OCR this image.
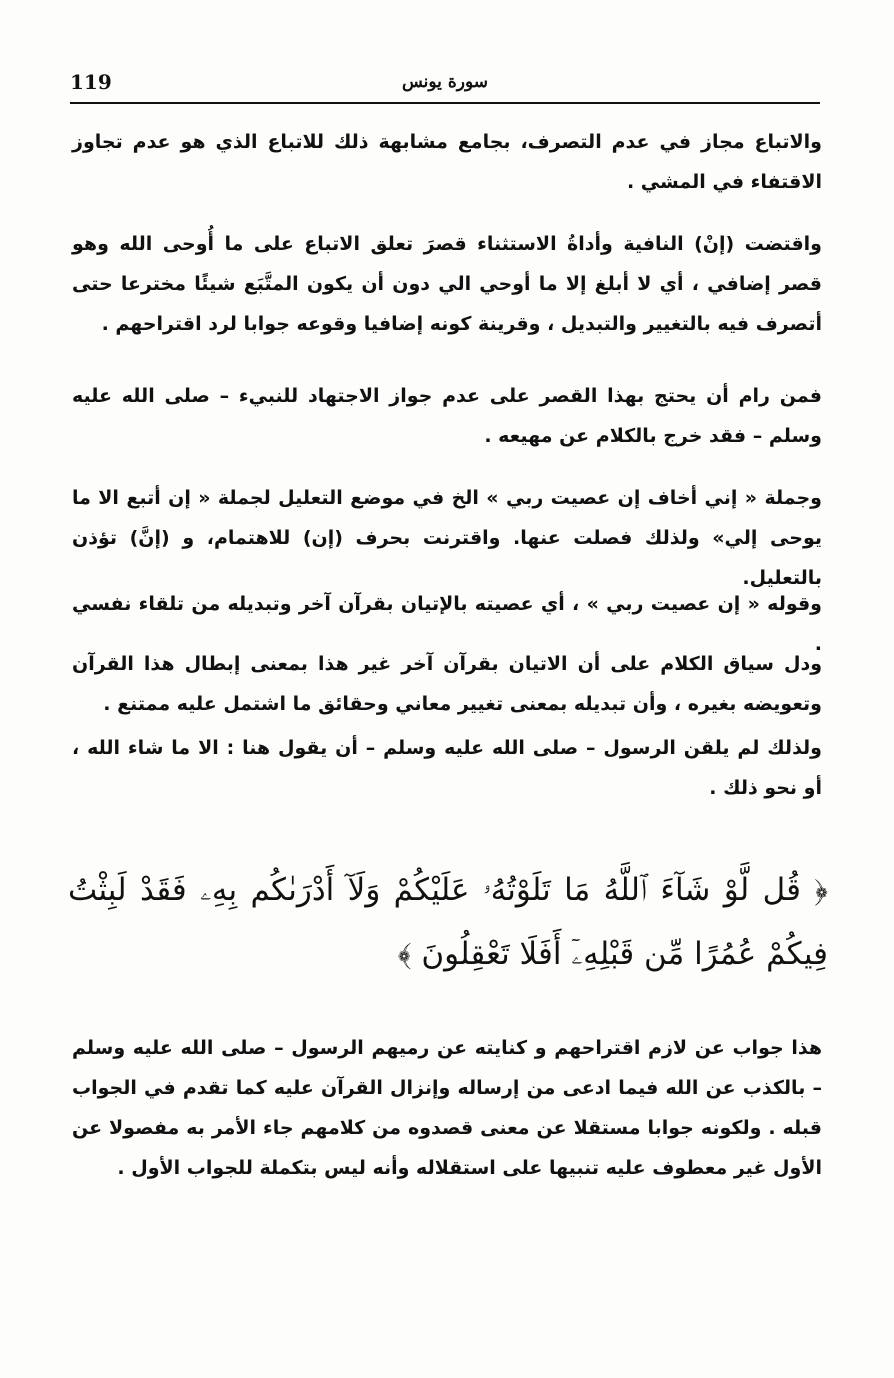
119	سورة يونس

والاتباع مجاز في عدم التصرف، بجامع مشابهة ذلك للاتباع الذي هو عدم تجاوز الاقتفاء في المشي .

واقتضت (إنْ) النافية وأداةُ الاستثناء قصرَ تعلق الاتباع على ما أُوحى الله وهو قصر إضافي ، أي لا أبلغ إلا ما أوحي الي دون أن يكون المتَّبَع شيئًا مخترعا حتى أتصرف فيه بالتغيير والتبديل ، وقرينة كونه إضافيا وقوعه جوابا لرد اقتراحهم .

فمن رام أن يحتج بهذا القصر على عدم جواز الاجتهاد للنبيء – صلى الله عليه وسلم – فقد خرج بالكلام عن مهيعه .

وجملة « إني أخاف إن عصيت ربي » الخ في موضع التعليل لجملة « إن أتبع الا ما يوحى إلي» ولذلك فصلت عنها. واقترنت بحرف (إن) للاهتمام، و (إنَّ) تؤذن بالتعليل.

وقوله « إن عصيت ربي » ، أي عصيته بالإتيان بقرآن آخر وتبديله من تلقاء نفسي .

ودل سياق الكلام على أن الاتيان بقرآن آخر غير هذا بمعنى إبطال هذا القرآن وتعويضه بغيره ، وأن تبديله بمعنى تغيير معاني وحقائق ما اشتمل عليه ممتنع .

ولذلك لم يلقن الرسول – صلى الله عليه وسلم – أن يقول هنا : الا ما شاء الله ، أو نحو ذلك .

﴿ قُل لَّوْ شَآءَ ٱللَّهُ مَا تَلَوْتُهُۥ عَلَيْكُمْ وَلَآ أَدْرَىٰكُم بِهِۦ فَقَدْ لَبِثْتُ فِيكُمْ عُمُرًا مِّن قَبْلِهِۦٓ أَفَلَا تَعْقِلُونَ ﴾

هذا جواب عن لازم اقتراحهم و كنايته عن رميهم الرسول – صلى الله عليه وسلم – بالكذب عن الله فيما ادعى من إرساله وإنزال القرآن عليه كما تقدم في الجواب قبله . ولكونه جوابا مستقلا عن معنى قصدوه من كلامهم جاء الأمر به مفصولا عن الأول غير معطوف عليه تنبيها على استقلاله وأنه ليس بتكملة للجواب الأول .
